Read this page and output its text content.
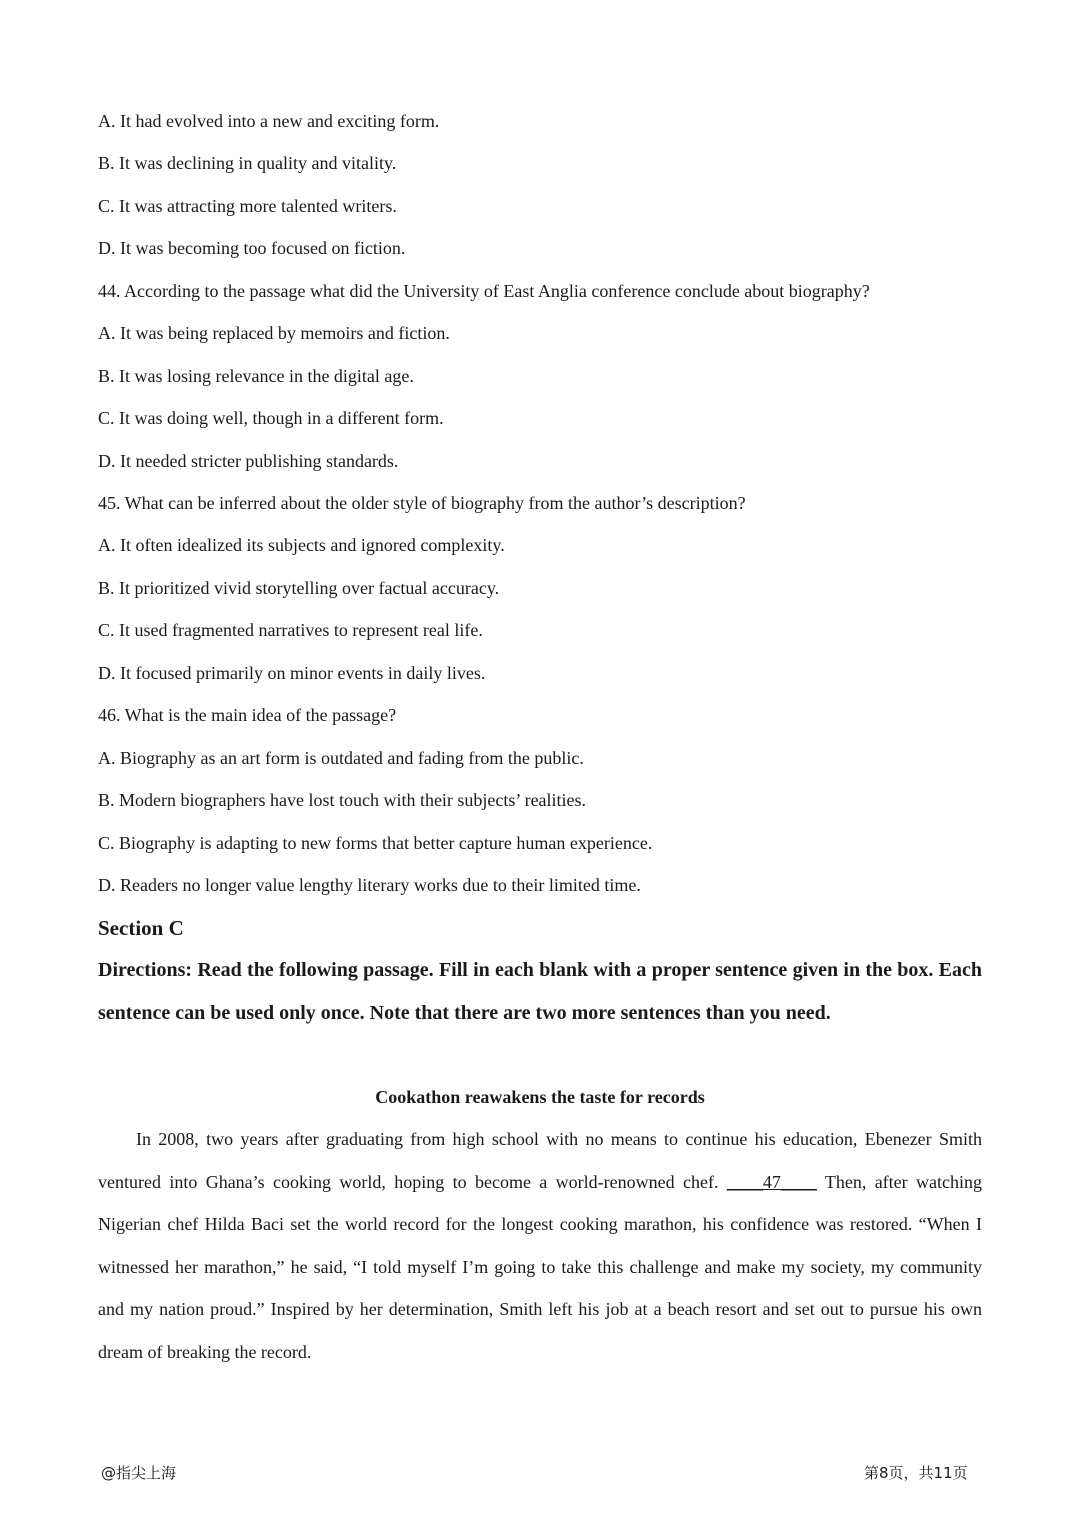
A. It had evolved into a new and exciting form.
B. It was declining in quality and vitality.
C. It was attracting more talented writers.
D. It was becoming too focused on fiction.
44. According to the passage what did the University of East Anglia conference conclude about biography?
A. It was being replaced by memoirs and fiction.
B. It was losing relevance in the digital age.
C. It was doing well, though in a different form.
D. It needed stricter publishing standards.
45. What can be inferred about the older style of biography from the author’s description?
A. It often idealized its subjects and ignored complexity.
B. It prioritized vivid storytelling over factual accuracy.
C. It used fragmented narratives to represent real life.
D. It focused primarily on minor events in daily lives.
46. What is the main idea of the passage?
A. Biography as an art form is outdated and fading from the public.
B. Modern biographers have lost touch with their subjects’ realities.
C. Biography is adapting to new forms that better capture human experience.
D. Readers no longer value lengthy literary works due to their limited time.
Section C

Directions: Read the following passage. Fill in each blank with a proper sentence given in the box. Each sentence can be used only once. Note that there are two more sentences than you need.

Cookathon reawakens the taste for records

In 2008, two years after graduating from high school with no means to continue his education, Ebenezer Smith ventured into Ghana’s cooking world, hoping to become a world-renowned chef. ____47____ Then, after watching Nigerian chef Hilda Baci set the world record for the longest cooking marathon, his confidence was restored. “When I witnessed her marathon,” he said, “I told myself I’m going to take this challenge and make my society, my community and my nation proud.” Inspired by her determination, Smith left his job at a beach resort and set out to pursue his own dream of breaking the record.

@指尖上海	第8页，共11页
